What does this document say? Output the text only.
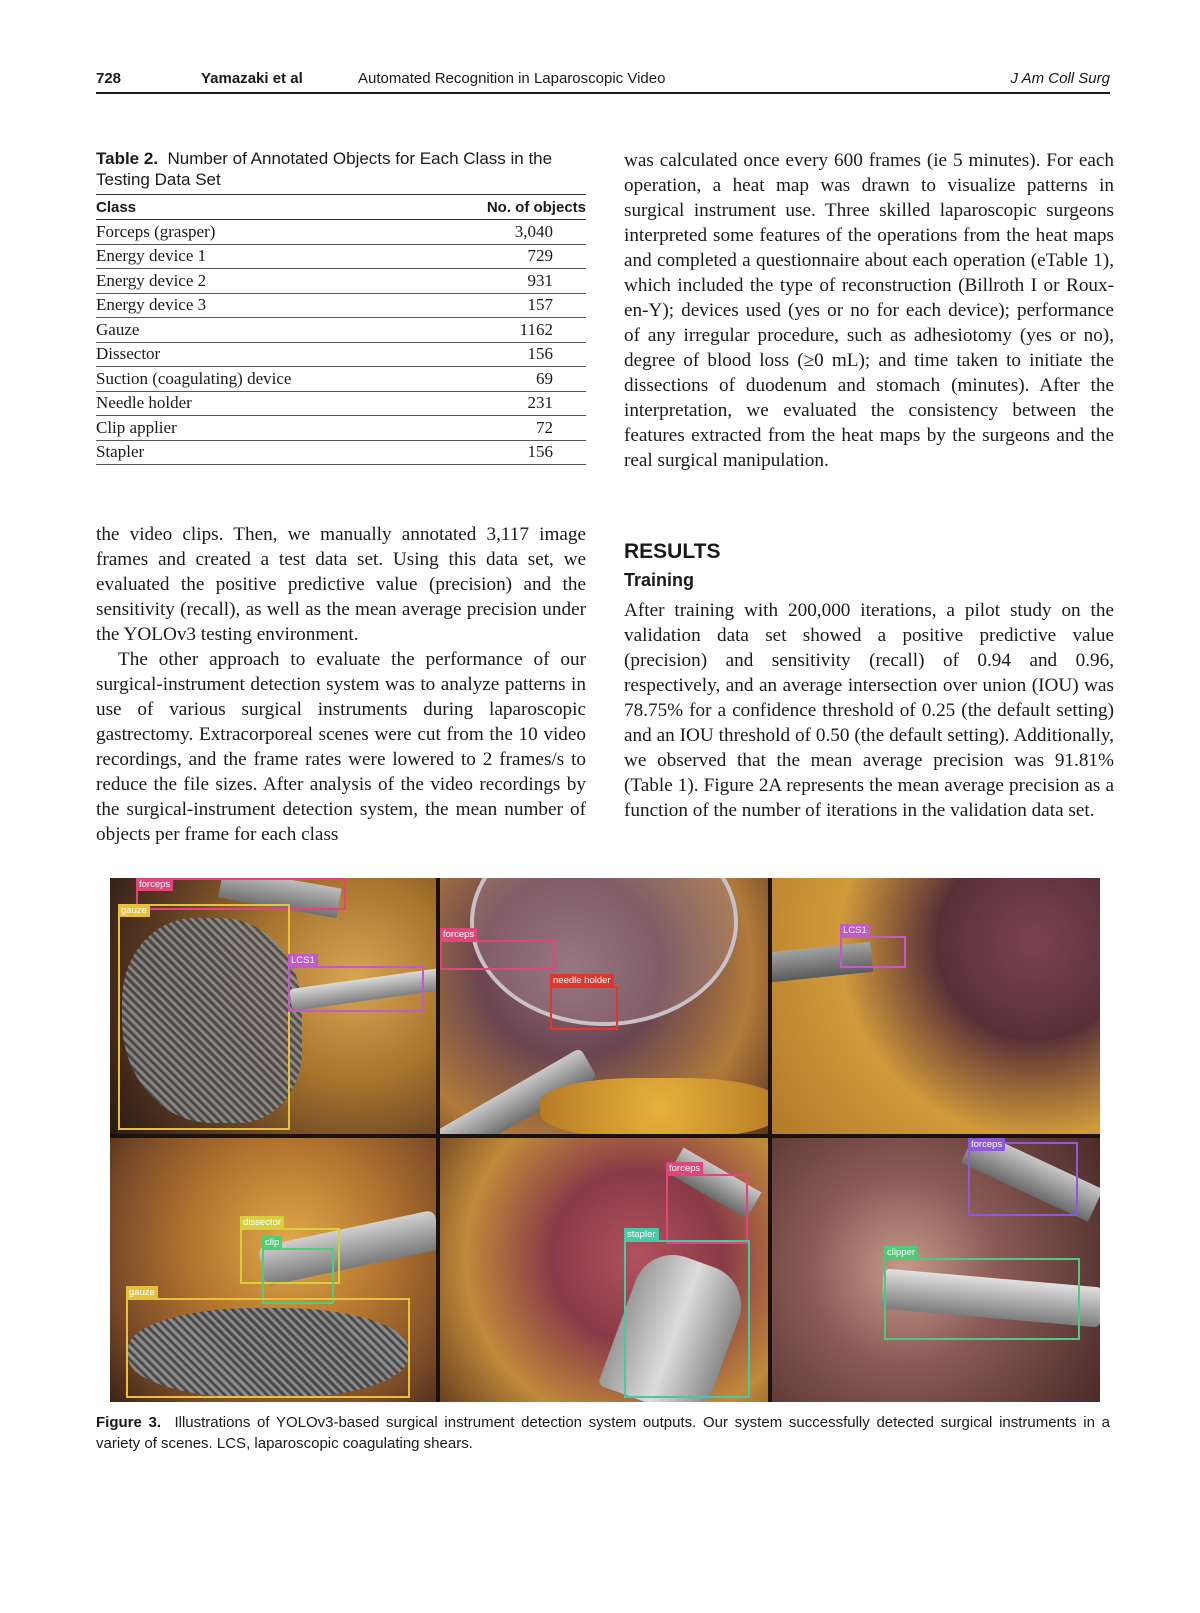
728	Yamazaki et al	Automated Recognition in Laparoscopic Video	J Am Coll Surg
Table 2. Number of Annotated Objects for Each Class in the Testing Data Set
Class	No. of objects
Forceps (grasper)	3,040
Energy device 1	729
Energy device 2	931
Energy device 3	157
Gauze	1162
Dissector	156
Suction (coagulating) device	69
Needle holder	231
Clip applier	72
Stapler	156

the video clips. Then, we manually annotated 3,117 image frames and created a test data set. Using this data set, we evaluated the positive predictive value (precision) and the sensitivity (recall), as well as the mean average precision under the YOLOv3 testing environment.

The other approach to evaluate the performance of our surgical-instrument detection system was to analyze patterns in use of various surgical instruments during laparoscopic gastrectomy. Extracorporeal scenes were cut from the 10 video recordings, and the frame rates were lowered to 2 frames/s to reduce the file sizes. After analysis of the video recordings by the surgical-instrument detection system, the mean number of objects per frame for each class

was calculated once every 600 frames (ie 5 minutes). For each operation, a heat map was drawn to visualize patterns in surgical instrument use. Three skilled laparoscopic surgeons interpreted some features of the operations from the heat maps and completed a questionnaire about each operation (eTable 1), which included the type of reconstruction (Billroth I or Roux-en-Y); devices used (yes or no for each device); performance of any irregular procedure, such as adhesiotomy (yes or no), degree of blood loss (≥0 mL); and time taken to initiate the dissections of duodenum and stomach (minutes). After the interpretation, we evaluated the consistency between the features extracted from the heat maps by the surgeons and the real surgical manipulation.

RESULTS
Training

After training with 200,000 iterations, a pilot study on the validation data set showed a positive predictive value (precision) and sensitivity (recall) of 0.94 and 0.96, respectively, and an average intersection over union (IOU) was 78.75% for a confidence threshold of 0.25 (the default setting) and an IOU threshold of 0.50 (the default setting). Additionally, we observed that the mean average precision was 91.81% (Table 1). Figure 2A represents the mean average precision as a function of the number of iterations in the validation data set.

forceps
gauze
LCS1
forceps
needle holder
LCS1
dissector
clip
gauze
forceps
stapler
forceps
clipper
Figure 3. Illustrations of YOLOv3-based surgical instrument detection system outputs. Our system successfully detected surgical instruments in a variety of scenes. LCS, laparoscopic coagulating shears.
